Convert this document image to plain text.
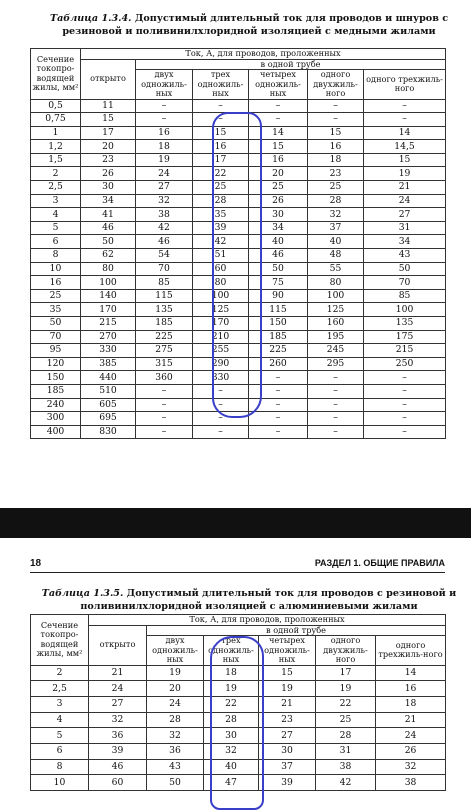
Таблица 1.3.4. Допустимый длительный ток для проводов и шнуров с резиновой и поливинилхлоридной изоляцией с медными жилами
Сечение токопро-водящей жилы, мм²	Ток, А, для проводов, проложенных					
	открыто	в одной трубе				
		двух одножиль-ных	трех одножиль-ных	четырех одножиль-ных	одного двухжиль-ного	одного трехжиль-ного
0,5	11	–	–	–	–	–
0,75	15	–	–	–	–	–
1	17	16	15	14	15	14
1,2	20	18	16	15	16	14,5
1,5	23	19	17	16	18	15
2	26	24	22	20	23	19
2,5	30	27	25	25	25	21
3	34	32	28	26	28	24
4	41	38	35	30	32	27
5	46	42	39	34	37	31
6	50	46	42	40	40	34
8	62	54	51	46	48	43
10	80	70	60	50	55	50
16	100	85	80	75	80	70
25	140	115	100	90	100	85
35	170	135	125	115	125	100
50	215	185	170	150	160	135
70	270	225	210	185	195	175
95	330	275	255	225	245	215
120	385	315	290	260	295	250
150	440	360	330	–	–	–
185	510	–	–	–	–	–
240	605	–	–	–	–	–
300	695	–	–	–	–	–
400	830	–	–	–	–	–
18	РАЗДЕЛ 1. ОБЩИЕ ПРАВИЛА
Таблица 1.3.5. Допустимый длительный ток для проводов с резиновой и поливинилхлоридной изоляцией с алюминиевыми жилами
Сечение токопро-водящей жилы, мм²	Ток, А, для проводов, проложенных					
	открыто	в одной трубе				
		двух одножиль-ных	трех одножиль-ных	четырех одножиль-ных	одного двухжиль-ного	одного трехжиль-ного
2	21	19	18	15	17	14
2,5	24	20	19	19	19	16
3	27	24	22	21	22	18
4	32	28	28	23	25	21
5	36	32	30	27	28	24
6	39	36	32	30	31	26
8	46	43	40	37	38	32
10	60	50	47	39	42	38
